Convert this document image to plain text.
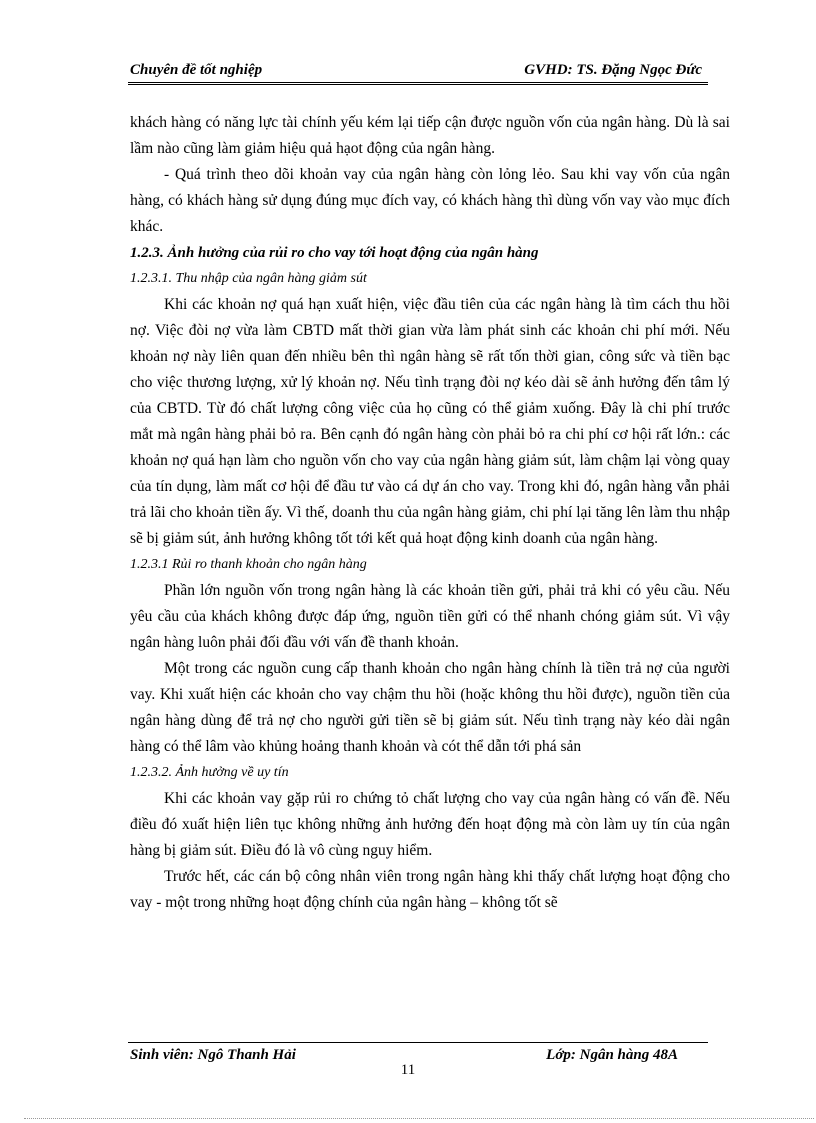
Chuyên đề tốt nghiệp	GVHD: TS. Đặng Ngọc Đức

khách hàng có năng lực tài chính yếu kém lại tiếp cận được nguồn vốn của ngân hàng. Dù là sai lầm nào cũng làm giảm hiệu quả hạot động của ngân hàng.

- Quá trình theo dõi khoản vay của ngân hàng còn lỏng lẻo. Sau khi vay vốn của ngân hàng, có khách hàng sử dụng đúng mục đích vay, có khách hàng thì dùng vốn vay vào mục đích khác.

1.2.3. Ảnh hưởng của rủi ro cho vay tới hoạt động của ngân hàng

1.2.3.1. Thu nhập của ngân hàng giảm sút

Khi các khoản nợ quá hạn xuất hiện, việc đầu tiên của các ngân hàng là tìm cách thu hồi nợ. Việc đòi nợ vừa làm CBTD mất thời gian vừa làm phát sinh các khoản chi phí mới. Nếu khoản nợ này liên quan đến nhiều bên thì ngân hàng sẽ rất tốn thời gian, công sức và tiền bạc cho việc thương lượng, xử lý khoản nợ. Nếu tình trạng đòi nợ kéo dài sẽ ảnh hưởng đến tâm lý của CBTD. Từ đó chất lượng công việc của họ cũng có thể giảm xuống. Đây là chi phí trước mắt mà ngân hàng phải bỏ ra. Bên cạnh đó ngân hàng còn phải bỏ ra chi phí cơ hội rất lớn.: các khoản nợ quá hạn làm cho nguồn vốn cho vay của ngân hàng giảm sút, làm chậm lại vòng quay của tín dụng, làm mất cơ hội để đầu tư vào cá dự án cho vay. Trong khi đó, ngân hàng vẫn phải trả lãi cho khoản tiền ấy. Vì thế, doanh thu của ngân hàng giảm, chi phí lại tăng lên làm thu nhập sẽ bị giảm sút, ảnh hưởng không tốt tới kết quả hoạt động kinh doanh của ngân hàng.

1.2.3.1 Rủi ro thanh khoản cho ngân hàng

Phần lớn nguồn vốn trong ngân hàng là các khoản tiền gửi, phải trả khi có yêu cầu. Nếu yêu cầu của khách không được đáp ứng, nguồn tiền gửi có thể nhanh chóng giảm sút. Vì vậy ngân hàng luôn phải đối đầu với vấn đề thanh khoản.

Một trong các nguồn cung cấp thanh khoản cho ngân hàng chính là tiền trả nợ của người vay. Khi xuất hiện các khoản cho vay chậm thu hồi (hoặc không thu hồi được), nguồn tiền của ngân hàng dùng để trả nợ cho người gửi tiền sẽ bị giảm sút. Nếu tình trạng này kéo dài ngân hàng có thể lâm vào khủng hoảng thanh khoản và cót thể dẫn tới phá sản

1.2.3.2. Ảnh hưởng về uy tín

Khi các khoản vay gặp rủi ro chứng tỏ chất lượng cho vay của ngân hàng có vấn đề. Nếu điều đó xuất hiện liên tục không những ảnh hưởng đến hoạt động mà còn làm uy tín của ngân hàng bị giảm sút. Điều đó là vô cùng nguy hiểm.

Trước hết, các cán bộ công nhân viên trong ngân hàng khi thấy chất lượng hoạt động cho vay - một trong những hoạt động chính của ngân hàng – không tốt sẽ

Sinh viên: Ngô Thanh Hải	Lớp: Ngân hàng 48A
11
